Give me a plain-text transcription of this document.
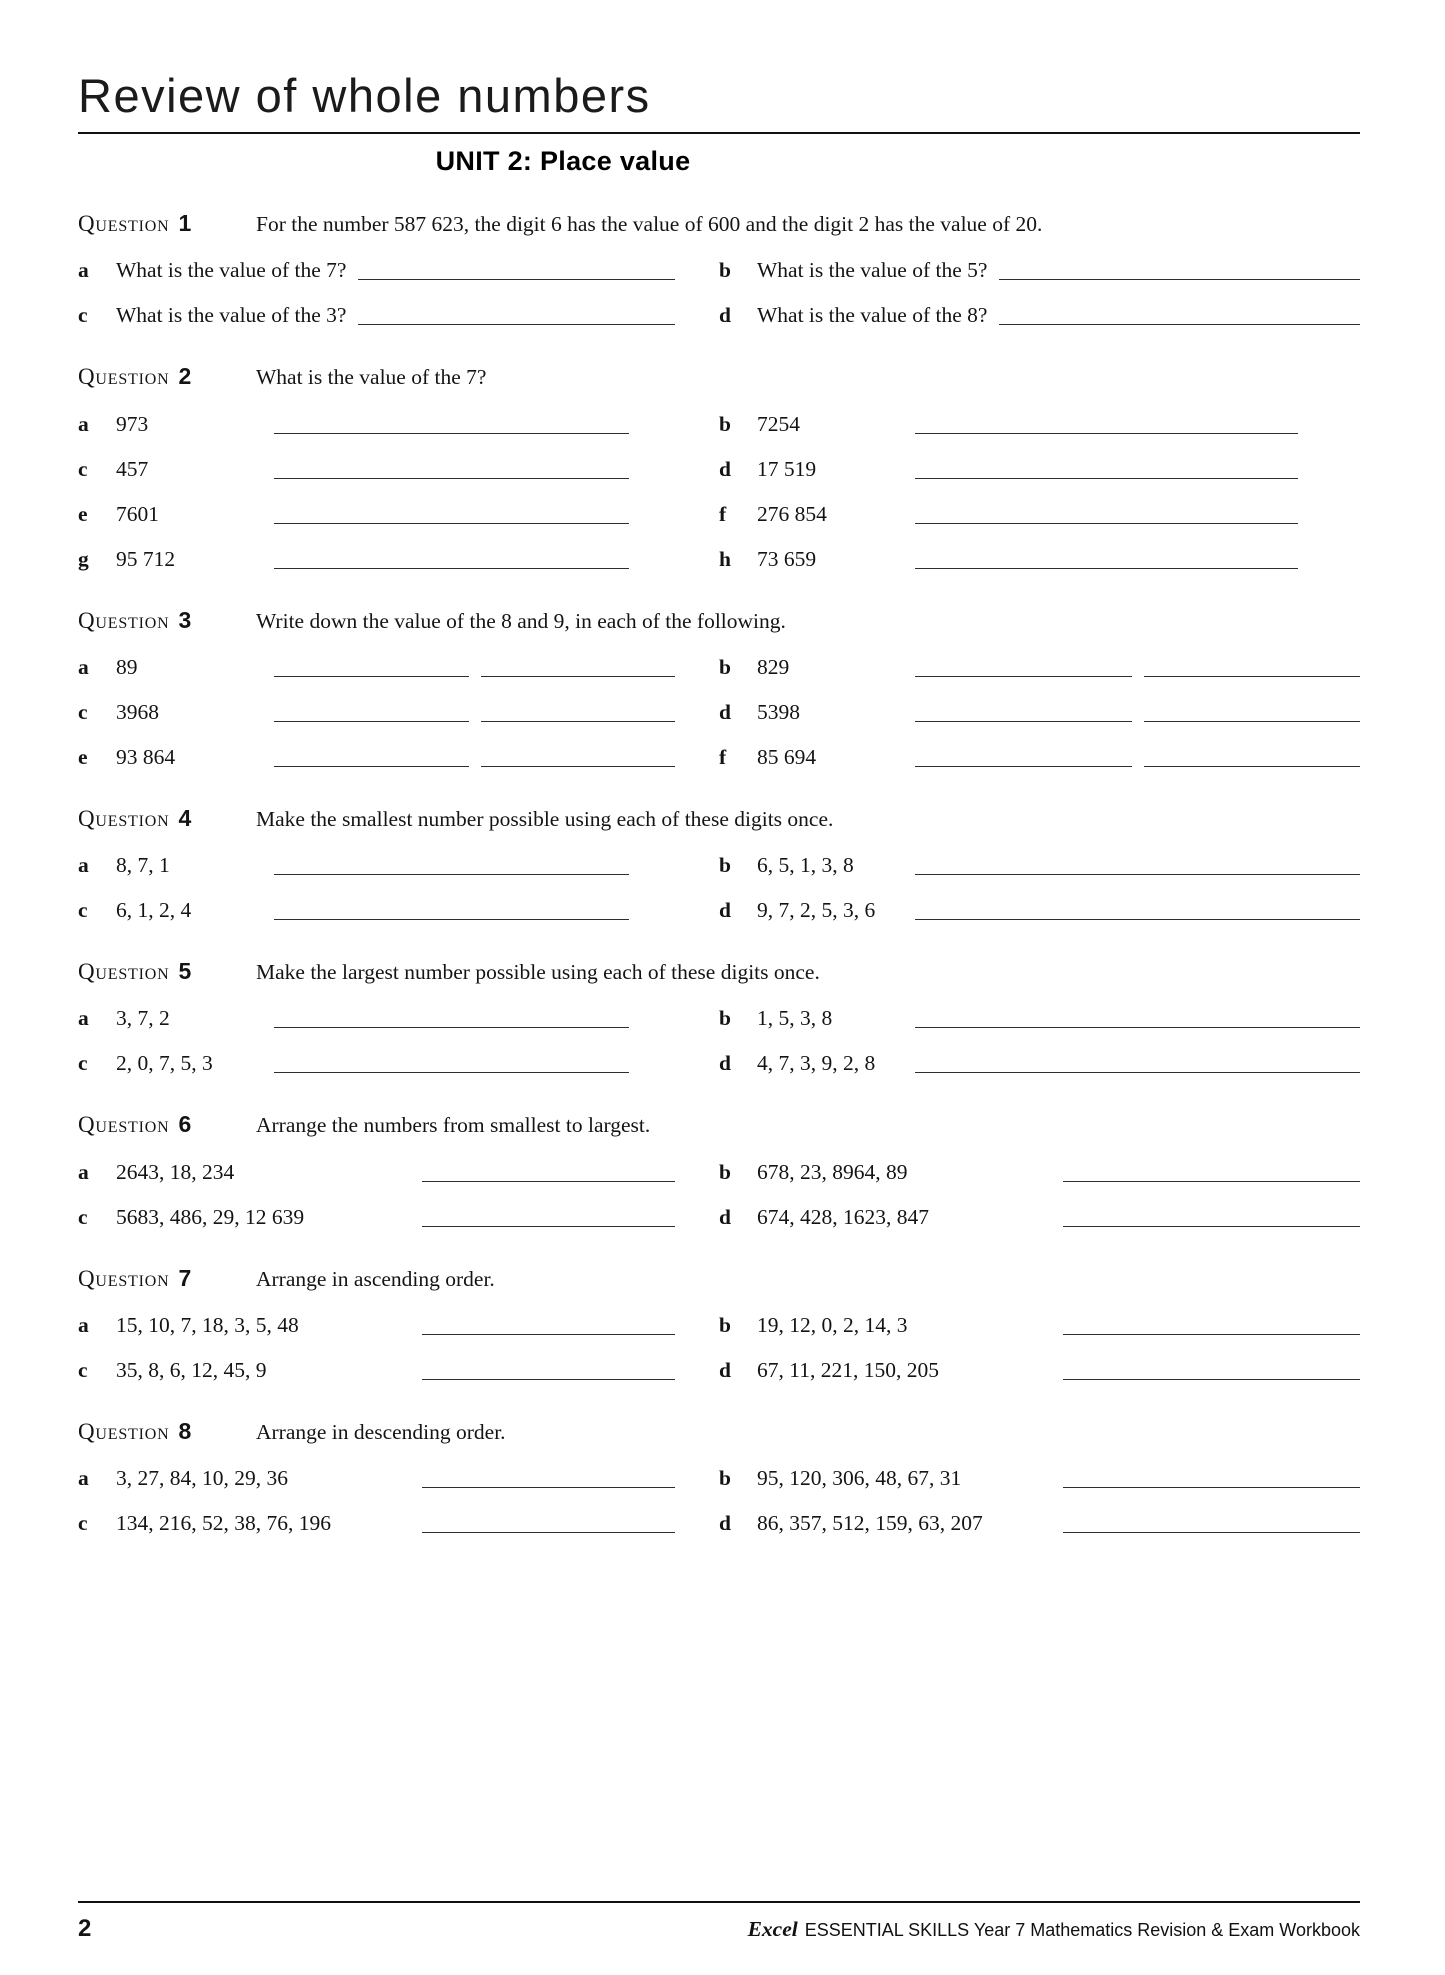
Review of whole numbers
UNIT 2: Place value
Question 1	For the number 587 623, the digit 6 has the value of 600 and the digit 2 has the value of 20.
a	What is the value of the 7?	b	What is the value of the 5?
c	What is the value of the 3?	d	What is the value of the 8?
Question 2	What is the value of the 7?
a	973	b	7254
c	457	d	17 519
e	7601	f	276 854
g	95 712	h	73 659
Question 3	Write down the value of the 8 and 9, in each of the following.
a	89	b	829
c	3968	d	5398
e	93 864	f	85 694
Question 4	Make the smallest number possible using each of these digits once.
a	8, 7, 1	b	6, 5, 1, 3, 8
c	6, 1, 2, 4	d	9, 7, 2, 5, 3, 6
Question 5	Make the largest number possible using each of these digits once.
a	3, 7, 2	b	1, 5, 3, 8
c	2, 0, 7, 5, 3	d	4, 7, 3, 9, 2, 8
Question 6	Arrange the numbers from smallest to largest.
a	2643, 18, 234	b	678, 23, 8964, 89
c	5683, 486, 29, 12 639	d	674, 428, 1623, 847
Question 7	Arrange in ascending order.
a	15, 10, 7, 18, 3, 5, 48	b	19, 12, 0, 2, 14, 3
c	35, 8, 6, 12, 45, 9	d	67, 11, 221, 150, 205
Question 8	Arrange in descending order.
a	3, 27, 84, 10, 29, 36	b	95, 120, 306, 48, 67, 31
c	134, 216, 52, 38, 76, 196	d	86, 357, 512, 159, 63, 207
2	Excel ESSENTIAL SKILLS Year 7 Mathematics Revision & Exam Workbook
